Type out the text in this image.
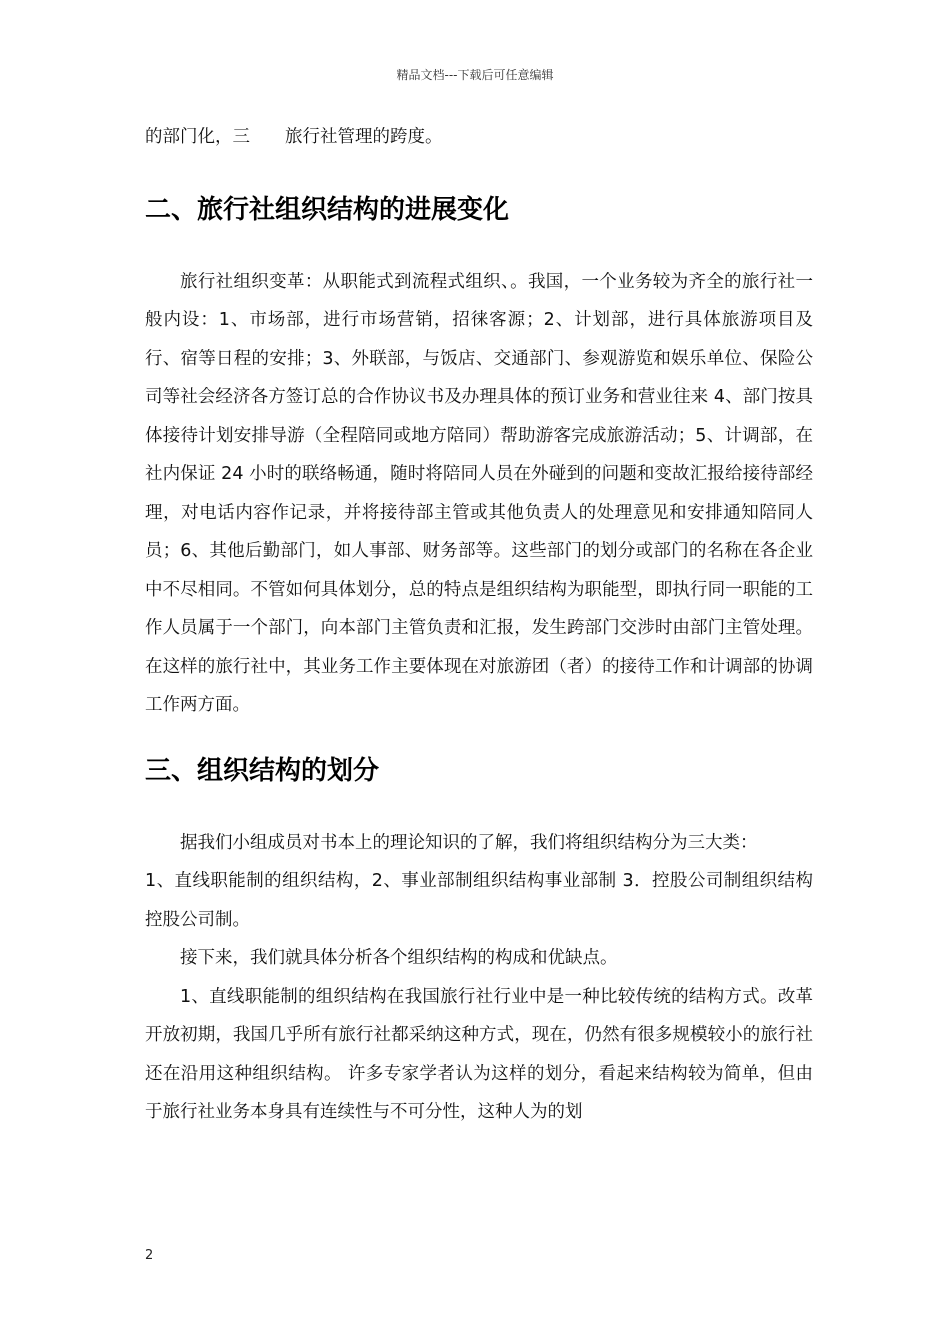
精品文档---下载后可任意编辑

的部门化，三　　旅行社管理的跨度。

二、旅行社组织结构的进展变化

旅行社组织变革：从职能式到流程式组织、。我国，一个业务较为齐全的旅行社一般内设：1、市场部，进行市场营销，招徕客源；2、计划部，进行具体旅游项目及行、宿等日程的安排；3、外联部，与饭店、交通部门、参观游览和娱乐单位、保险公司等社会经济各方签订总的合作协议书及办理具体的预订业务和营业往来 4、部门按具体接待计划安排导游（全程陪同或地方陪同）帮助游客完成旅游活动；5、计调部，在社内保证 24 小时的联络畅通，随时将陪同人员在外碰到的问题和变故汇报给接待部经理，对电话内容作记录，并将接待部主管或其他负责人的处理意见和安排通知陪同人员；6、其他后勤部门，如人事部、财务部等。这些部门的划分或部门的名称在各企业中不尽相同。不管如何具体划分，总的特点是组织结构为职能型，即执行同一职能的工作人员属于一个部门，向本部门主管负责和汇报，发生跨部门交涉时由部门主管处理。在这样的旅行社中，其业务工作主要体现在对旅游团（者）的接待工作和计调部的协调工作两方面。

三、组织结构的划分

据我们小组成员对书本上的理论知识的了解，我们将组织结构分为三大类：

1、直线职能制的组织结构，2、事业部制组织结构事业部制 3．控股公司制组织结构控股公司制。

接下来，我们就具体分析各个组织结构的构成和优缺点。

1、直线职能制的组织结构在我国旅行社行业中是一种比较传统的结构方式。改革开放初期，我国几乎所有旅行社都采纳这种方式，现在，仍然有很多规模较小的旅行社还在沿用这种组织结构。 许多专家学者认为这样的划分，看起来结构较为简单，但由于旅行社业务本身具有连续性与不可分性，这种人为的划

2
